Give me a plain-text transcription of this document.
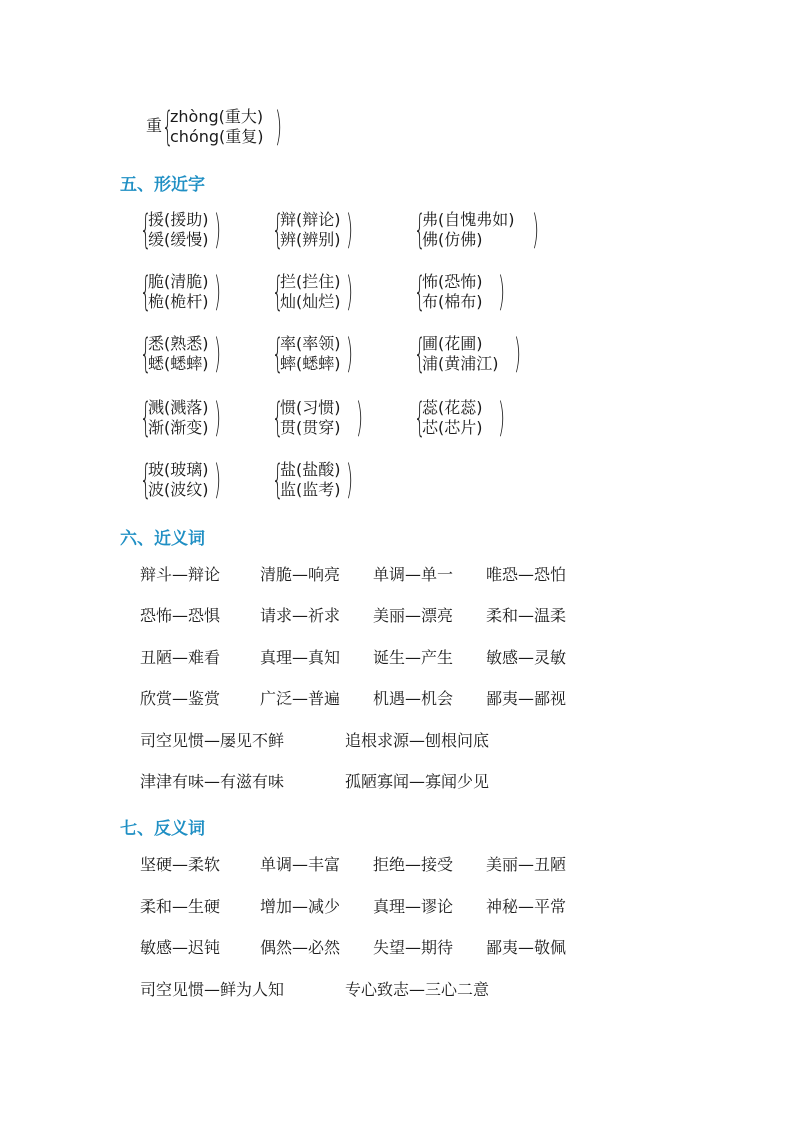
重 {
zhòng(重大)
chóng(重复) )
五、形近字
{
援(援助)
缓(缓慢) ) {
辩(辩论)
辨(辨别) ) {
弗(自愧弗如)
佛(仿佛) )
{
脆(清脆)
桅(桅杆) ) {
拦(拦住)
灿(灿烂) ) {
怖(恐怖)
布(棉布) )
{
悉(熟悉)
蟋(蟋蟀) ) {
率(率领)
蟀(蟋蟀) ) {
圃(花圃)
浦(黄浦江) )
{
溅(溅落)
渐(渐变) ) {
惯(习惯)
贯(贯穿) ) {
蕊(花蕊)
芯(芯片) )
{
玻(玻璃)
波(波纹) ) {
盐(盐酸)
监(监考) )
六、近义词
辩斗—辩论 清脆—响亮 单调—单一 唯恐—恐怕
恐怖—恐惧 请求—祈求 美丽—漂亮 柔和—温柔
丑陋—难看 真理—真知 诞生—产生 敏感—灵敏
欣赏—鉴赏 广泛—普遍 机遇—机会 鄙夷—鄙视
司空见惯—屡见不鲜	追根求源—刨根问底
津津有味—有滋有味	孤陋寡闻—寡闻少见
七、反义词
坚硬—柔软 单调—丰富 拒绝—接受 美丽—丑陋
柔和—生硬 增加—减少 真理—谬论 神秘—平常
敏感—迟钝 偶然—必然 失望—期待 鄙夷—敬佩
司空见惯—鲜为人知	专心致志—三心二意
